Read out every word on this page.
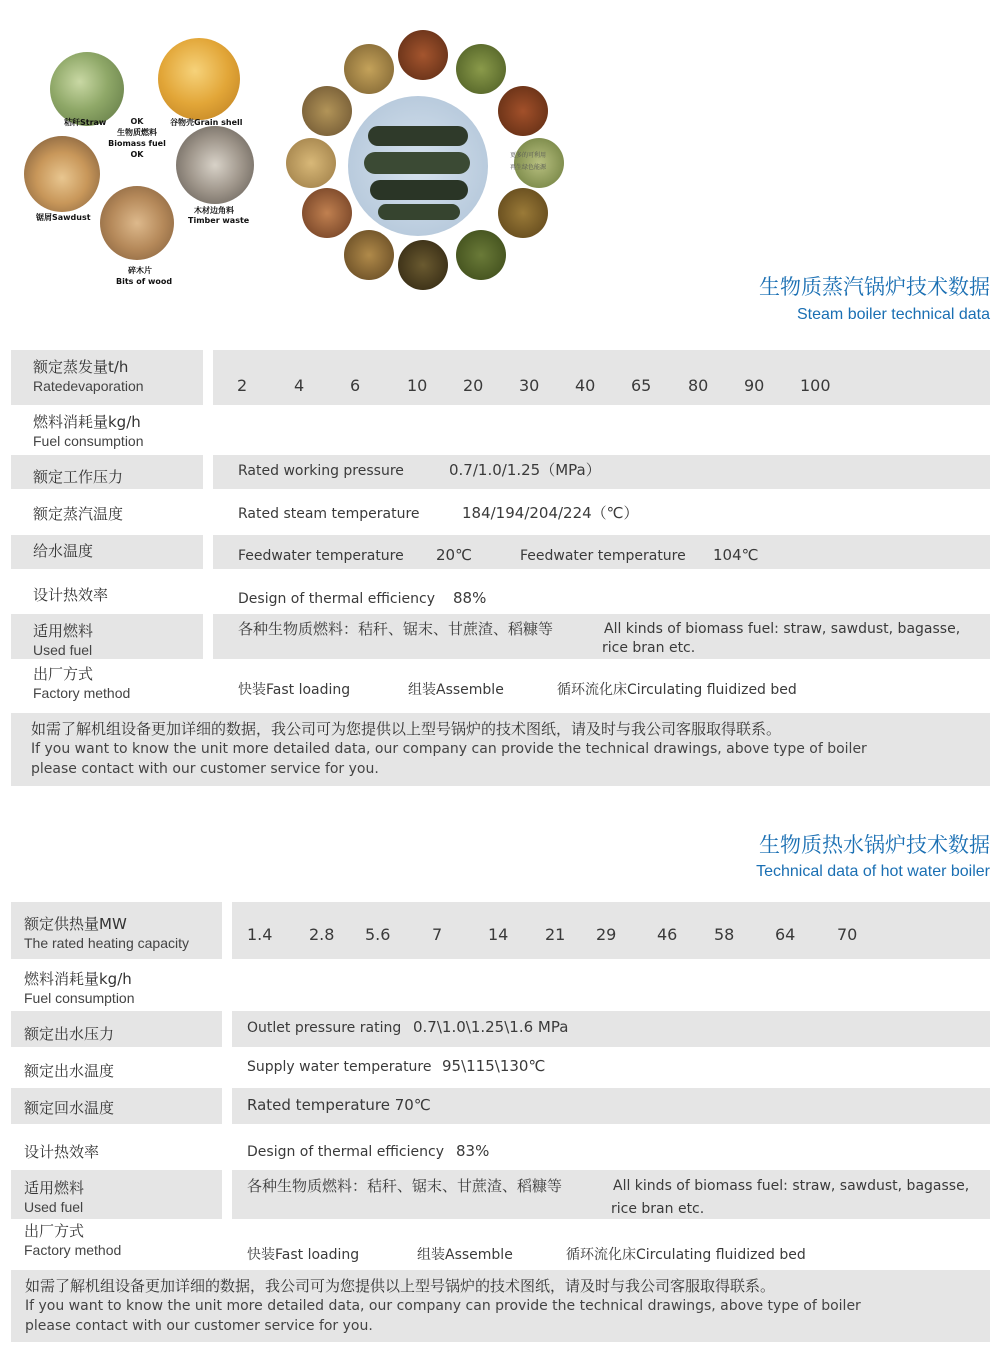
OK
生物质燃料
Biomass fuel
OK
秸秆Straw	谷物壳Grain shell
锯屑Sawdust
木材边角料
Timber waste
碎木片
Bits of wood
更多的可利用
再生绿色能源
生物质蒸汽锅炉技术数据
Steam boiler technical data
额定蒸发量t/h
Ratedevaporation	2	4	6	10 20 30 40 65 80 90 100
燃料消耗量kg/h
Fuel consumption
额定工作压力	Rated working pressure	0.7/1.0/1.25（MPa）
额定蒸汽温度	Rated steam temperature	184/194/204/224（℃）
给水温度	Feedwater temperature 20℃	Feedwater temperature 104℃
设计热效率	Design of thermal efficiency 88%
适用燃料
Used fuel
各种生物质燃料：秸秆、锯末、甘蔗渣、稻糠等	All kinds of biomass fuel: straw, sawdust, bagasse,
rice bran etc.
出厂方式
Factory method	快装Fast loading	组装Assemble	循环流化床Circulating fluidized bed
如需了解机组设备更加详细的数据，我公司可为您提供以上型号锅炉的技术图纸，请及时与我公司客服取得联系。
If you want to know the unit more detailed data, our company can provide the technical drawings, above type of boiler
please contact with our customer service for you.
生物质热水锅炉技术数据
Technical data of hot water boiler
额定供热量MW
The rated heating capacity	1.4 2.8 5.6	7	14 21 29	46 58	64	70
燃料消耗量kg/h
Fuel consumption
额定出水压力	Outlet pressure rating 0.7\1.0\1.25\1.6 MPa
额定出水温度	Supply water temperature 95\115\130℃
额定回水温度	Rated temperature 70℃
设计热效率	Design of thermal efficiency 83%
适用燃料
Used fuel
各种生物质燃料：秸秆、锯末、甘蔗渣、稻糠等	All kinds of biomass fuel: straw, sawdust, bagasse,
rice bran etc.
出厂方式
Factory method	快装Fast loading	组装Assemble	循环流化床Circulating fluidized bed
如需了解机组设备更加详细的数据，我公司可为您提供以上型号锅炉的技术图纸，请及时与我公司客服取得联系。
If you want to know the unit more detailed data, our company can provide the technical drawings, above type of boiler
please contact with our customer service for you.
